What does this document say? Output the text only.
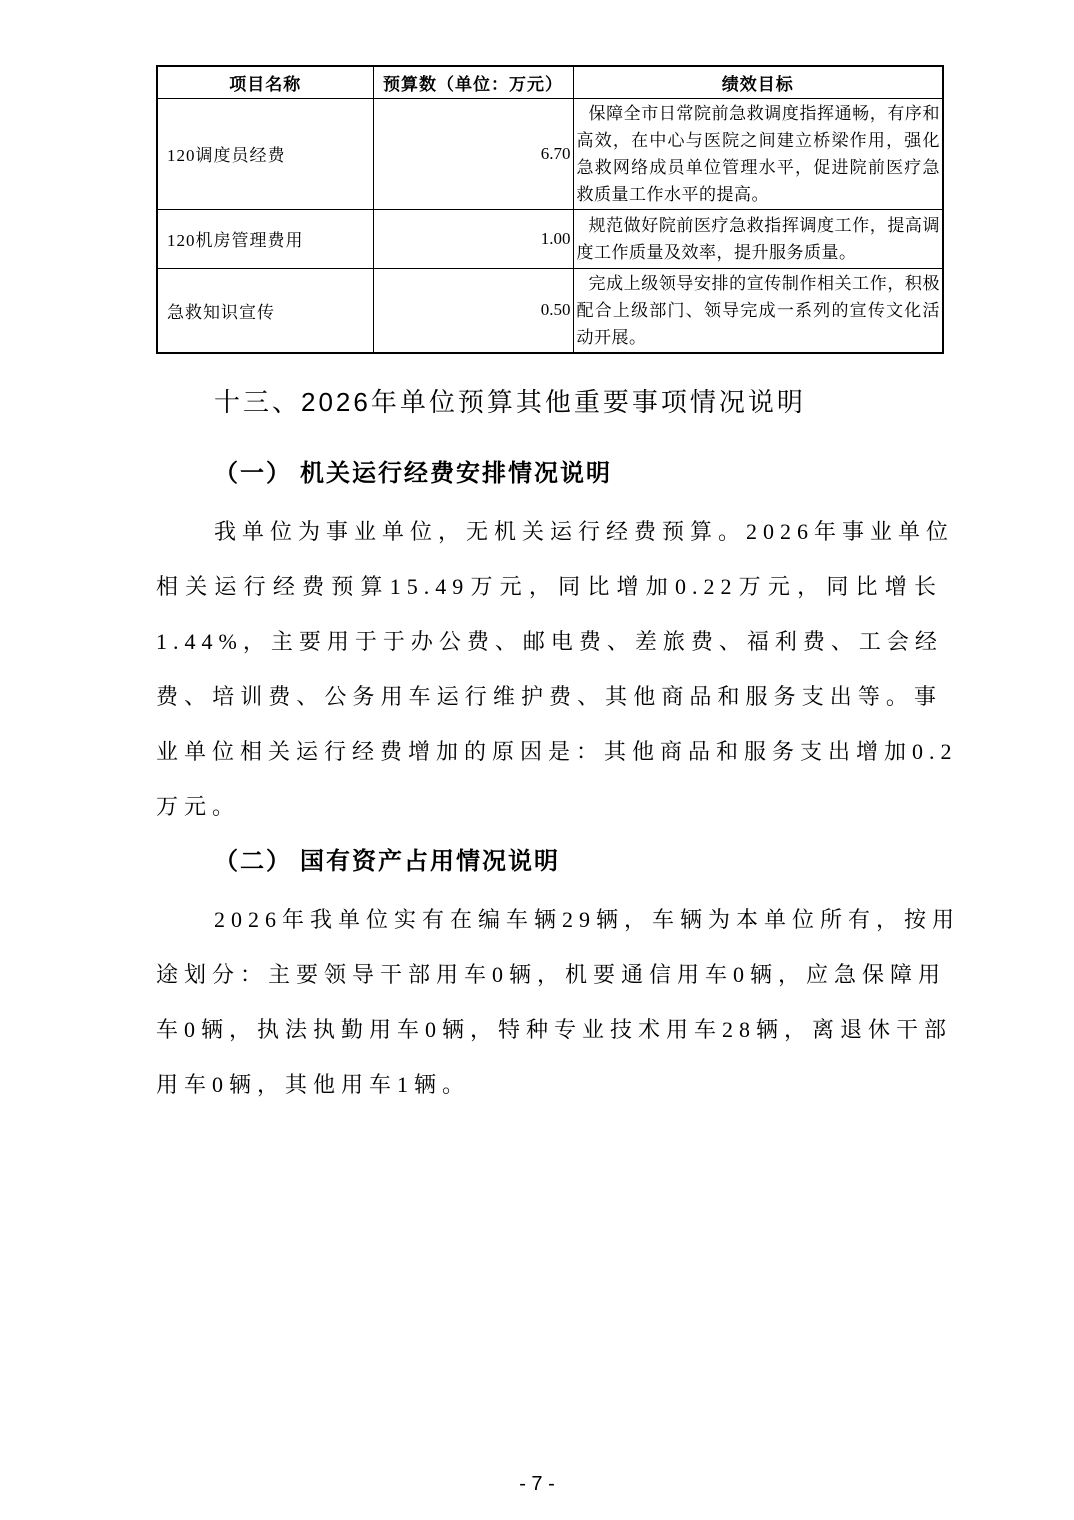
项目名称	预算数（单位：万元）	绩效目标
120调度员经费	6.70	保障全市日常院前急救调度指挥通畅，有序和高效，在中心与医院之间建立桥梁作用，强化急救网络成员单位管理水平，促进院前医疗急救质量工作水平的提高。
120机房管理费用	1.00	规范做好院前医疗急救指挥调度工作，提高调度工作质量及效率，提升服务质量。
急救知识宣传	0.50	完成上级领导安排的宣传制作相关工作，积极配合上级部门、领导完成一系列的宣传文化活动开展。
十三、2026年单位预算其他重要事项情况说明
（一） 机关运行经费安排情况说明
我单位为事业单位，无机关运行经费预算。2026年事业单位
相关运行经费预算15.49万元，同比增加0.22万元，同比增长
1.44%，主要用于于办公费、邮电费、差旅费、福利费、工会经
费、培训费、公务用车运行维护费、其他商品和服务支出等。事
业单位相关运行经费增加的原因是：其他商品和服务支出增加0.2
万元。
（二） 国有资产占用情况说明
2026年我单位实有在编车辆29辆，车辆为本单位所有，按用
途划分：主要领导干部用车0辆，机要通信用车0辆，应急保障用
车0辆，执法执勤用车0辆，特种专业技术用车28辆，离退休干部
用车0辆，其他用车1辆。
- 7 -
